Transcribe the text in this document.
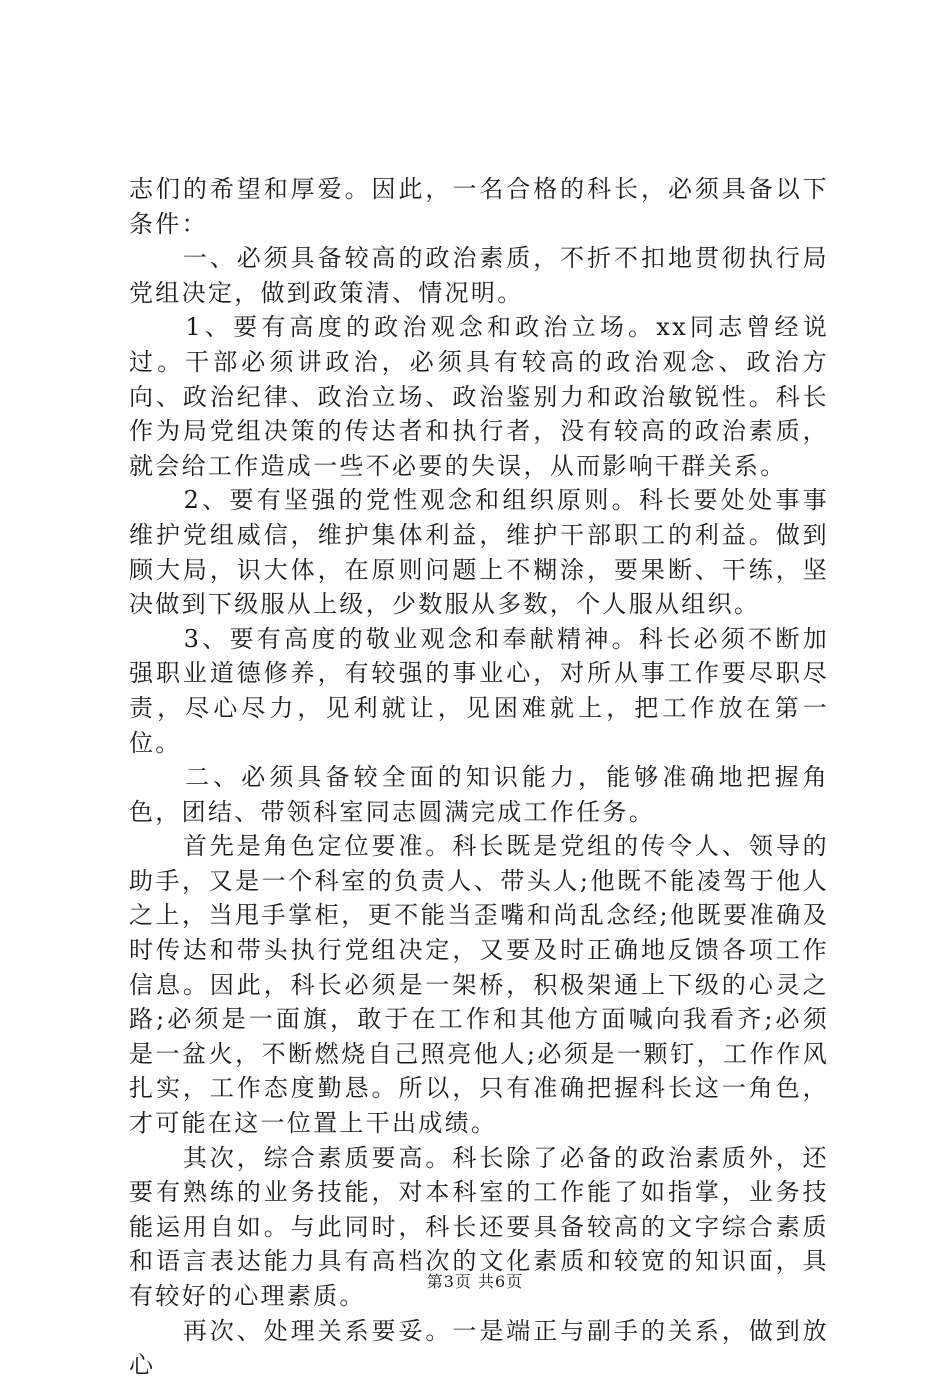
志们的希望和厚爱。因此，一名合格的科长，必须具备以下条件：

　　一、必须具备较高的政治素质，不折不扣地贯彻执行局党组决定，做到政策清、情况明。

　　1、要有高度的政治观念和政治立场。xx同志曾经说过。干部必须讲政治，必须具有较高的政治观念、政治方向、政治纪律、政治立场、政治鉴别力和政治敏锐性。科长作为局党组决策的传达者和执行者，没有较高的政治素质，就会给工作造成一些不必要的失误，从而影响干群关系。

　　2、要有坚强的党性观念和组织原则。科长要处处事事维护党组威信，维护集体利益，维护干部职工的利益。做到顾大局，识大体，在原则问题上不糊涂，要果断、干练，坚决做到下级服从上级，少数服从多数，个人服从组织。

　　3、要有高度的敬业观念和奉献精神。科长必须不断加强职业道德修养，有较强的事业心，对所从事工作要尽职尽责，尽心尽力，见利就让，见困难就上，把工作放在第一位。

　　二、必须具备较全面的知识能力，能够准确地把握角色，团结、带领科室同志圆满完成工作任务。

　　首先是角色定位要准。科长既是党组的传令人、领导的助手，又是一个科室的负责人、带头人;他既不能凌驾于他人之上，当甩手掌柜，更不能当歪嘴和尚乱念经;他既要准确及时传达和带头执行党组决定，又要及时正确地反馈各项工作信息。因此，科长必须是一架桥，积极架通上下级的心灵之路;必须是一面旗，敢于在工作和其他方面喊向我看齐;必须是一盆火，不断燃烧自己照亮他人;必须是一颗钉，工作作风扎实，工作态度勤恳。所以，只有准确把握科长这一角色，才可能在这一位置上干出成绩。

　　其次，综合素质要高。科长除了必备的政治素质外，还要有熟练的业务技能，对本科室的工作能了如指掌，业务技能运用自如。与此同时，科长还要具备较高的文字综合素质和语言表达能力具有高档次的文化素质和较宽的知识面，具有较好的心理素质。

　　再次、处理关系要妥。一是端正与副手的关系，做到放心

第3页 共6页
